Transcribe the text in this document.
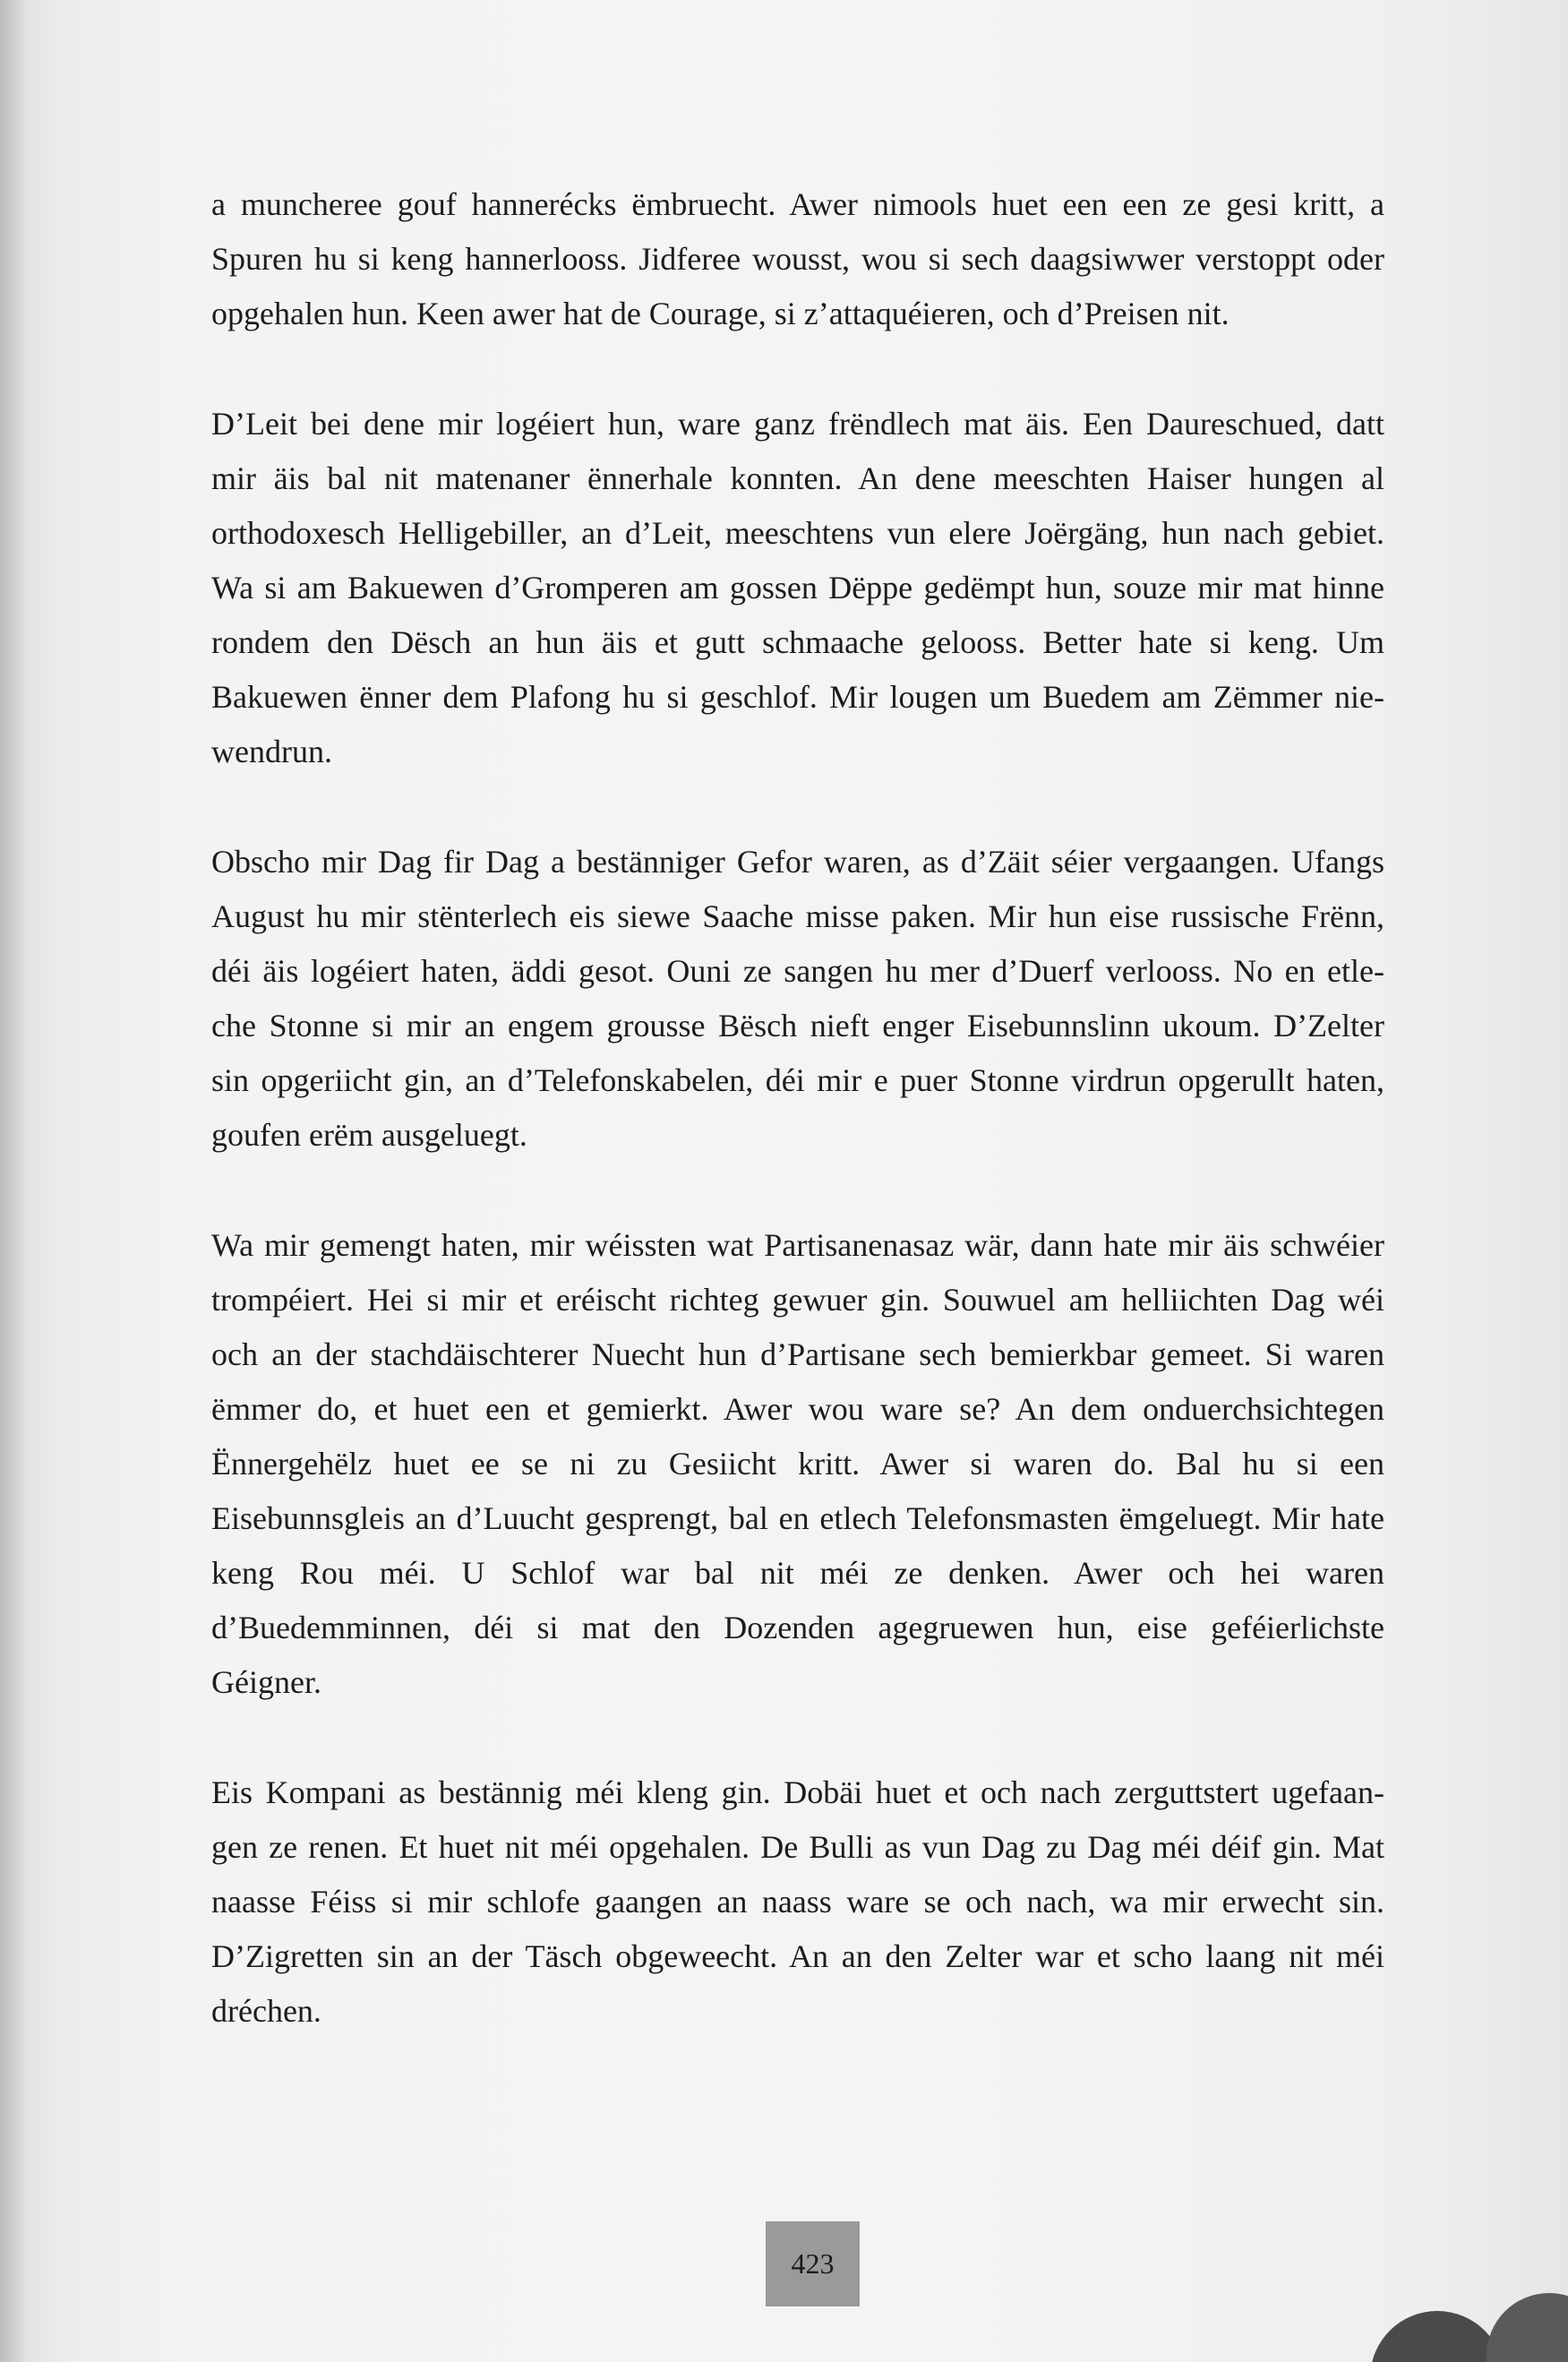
a muncheree gouf hannerécks ëmbruecht. Awer nimools huet een een ze gesi kritt, a
Spuren hu si keng hannerlooss. Jidferee wousst, wou si sech daagsiwwer verstoppt oder
opgehalen hun. Keen awer hat de Courage, si z’attaquéieren, och d’Preisen nit.

D’Leit bei dene mir logéiert hun, ware ganz frëndlech mat äis. Een Daureschued, datt
mir äis bal nit matenaner ënnerhale konnten. An dene meeschten Haiser hungen al
orthodoxesch Helligebiller, an d’Leit, meeschtens vun elere Joërgäng, hun nach gebiet.
Wa si am Bakuewen d’Gromperen am gossen Dëppe gedëmpt hun, souze mir mat hinne
rondem den Dësch an hun äis et gutt schmaache gelooss. Better hate si keng. Um
Bakuewen ënner dem Plafong hu si geschlof. Mir lougen um Buedem am Zëmmer nie-
wendrun.

Obscho mir Dag fir Dag a bestänniger Gefor waren, as d’Zäit séier vergaangen. Ufangs
August hu mir stënterlech eis siewe Saache misse paken. Mir hun eise russische Frënn,
déi äis logéiert haten, äddi gesot. Ouni ze sangen hu mer d’Duerf verlooss. No en etle-
che Stonne si mir an engem grousse Bësch nieft enger Eisebunnslinn ukoum. D’Zelter
sin opgeriicht gin, an d’Telefonskabelen, déi mir e puer Stonne virdrun opgerullt haten,
goufen erëm ausgeluegt.

Wa mir gemengt haten, mir wéissten wat Partisanenasaz wär, dann hate mir äis schwéier
trompéiert. Hei si mir et eréischt richteg gewuer gin. Souwuel am helliichten Dag wéi
och an der stachdäischterer Nuecht hun d’Partisane sech bemierkbar gemeet. Si waren
ëmmer do, et huet een et gemierkt. Awer wou ware se? An dem onduerchsichtegen
Ënnergehëlz huet ee se ni zu Gesiicht kritt. Awer si waren do. Bal hu si een
Eisebunnsgleis an d’Luucht gesprengt, bal en etlech Telefonsmasten ëmgeluegt. Mir hate
keng Rou méi. U Schlof war bal nit méi ze denken. Awer och hei waren
d’Buedemminnen, déi si mat den Dozenden agegruewen hun, eise geféierlichste
Géigner.

Eis Kompani as bestännig méi kleng gin. Dobäi huet et och nach zerguttstert ugefaan-
gen ze renen. Et huet nit méi opgehalen. De Bulli as vun Dag zu Dag méi déif gin. Mat
naasse Féiss si mir schlofe gaangen an naass ware se och nach, wa mir erwecht sin.
D’Zigretten sin an der Täsch obgeweecht. An an den Zelter war et scho laang nit méi
dréchen.

423
